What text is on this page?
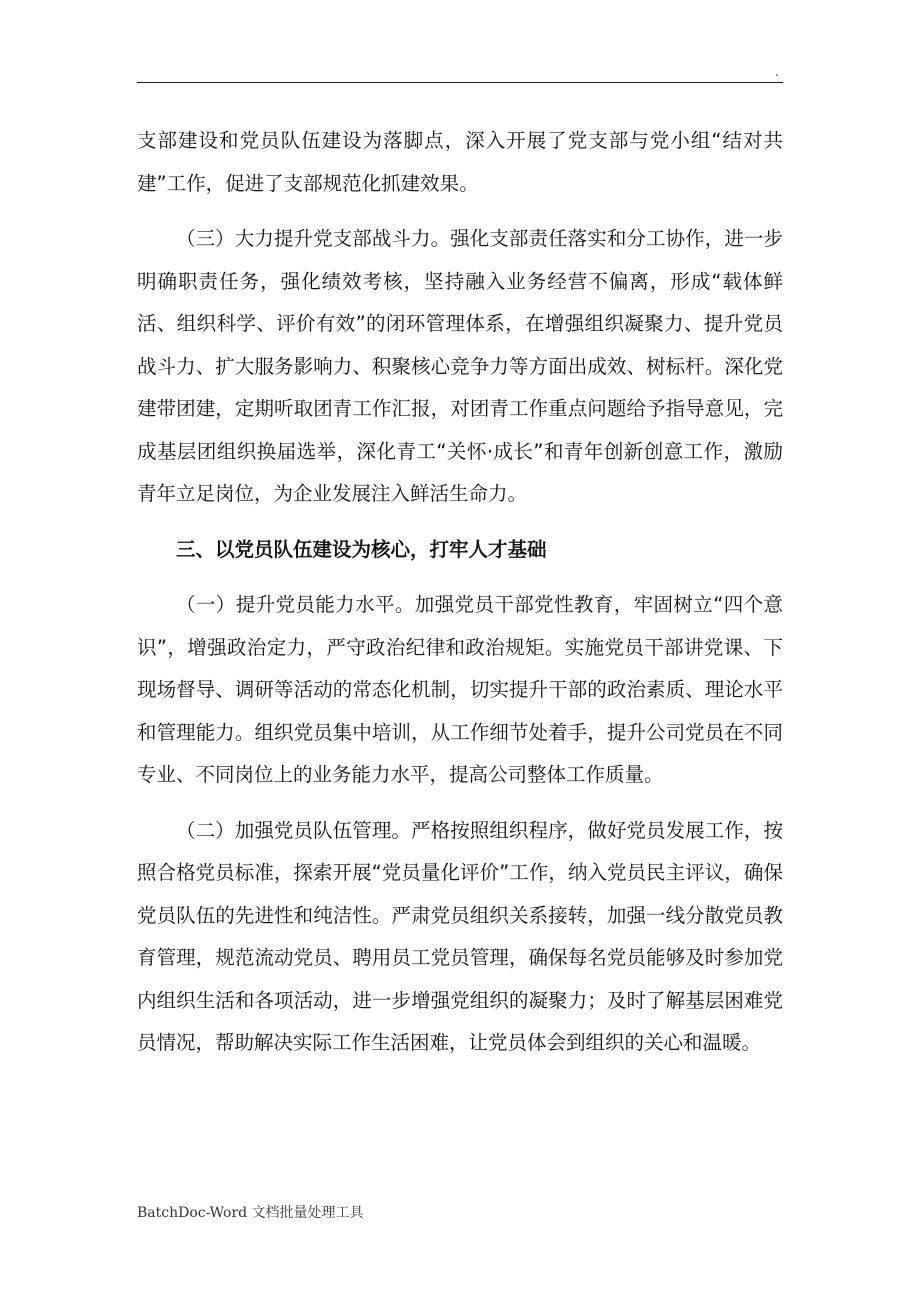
.

支部建设和党员队伍建设为落脚点，深入开展了党支部与党小组“结对共建”工作，促进了支部规范化抓建效果。

（三）大力提升党支部战斗力。强化支部责任落实和分工协作，进一步明确职责任务，强化绩效考核，坚持融入业务经营不偏离，形成“载体鲜活、组织科学、评价有效”的闭环管理体系，在增强组织凝聚力、提升党员战斗力、扩大服务影响力、积聚核心竞争力等方面出成效、树标杆。深化党建带团建，定期听取团青工作汇报，对团青工作重点问题给予指导意见，完成基层团组织换届选举，深化青工“关怀·成长”和青年创新创意工作，激励青年立足岗位，为企业发展注入鲜活生命力。

三、以党员队伍建设为核心，打牢人才基础

（一）提升党员能力水平。加强党员干部党性教育，牢固树立“四个意识”，增强政治定力，严守政治纪律和政治规矩。实施党员干部讲党课、下现场督导、调研等活动的常态化机制，切实提升干部的政治素质、理论水平和管理能力。组织党员集中培训，从工作细节处着手，提升公司党员在不同专业、不同岗位上的业务能力水平，提高公司整体工作质量。

（二）加强党员队伍管理。严格按照组织程序，做好党员发展工作，按照合格党员标准，探索开展“党员量化评价”工作，纳入党员民主评议，确保党员队伍的先进性和纯洁性。严肃党员组织关系接转，加强一线分散党员教育管理，规范流动党员、聘用员工党员管理，确保每名党员能够及时参加党内组织生活和各项活动，进一步增强党组织的凝聚力；及时了解基层困难党员情况，帮助解决实际工作生活困难，让党员体会到组织的关心和温暖。

BatchDoc-Word 文档批量处理工具
